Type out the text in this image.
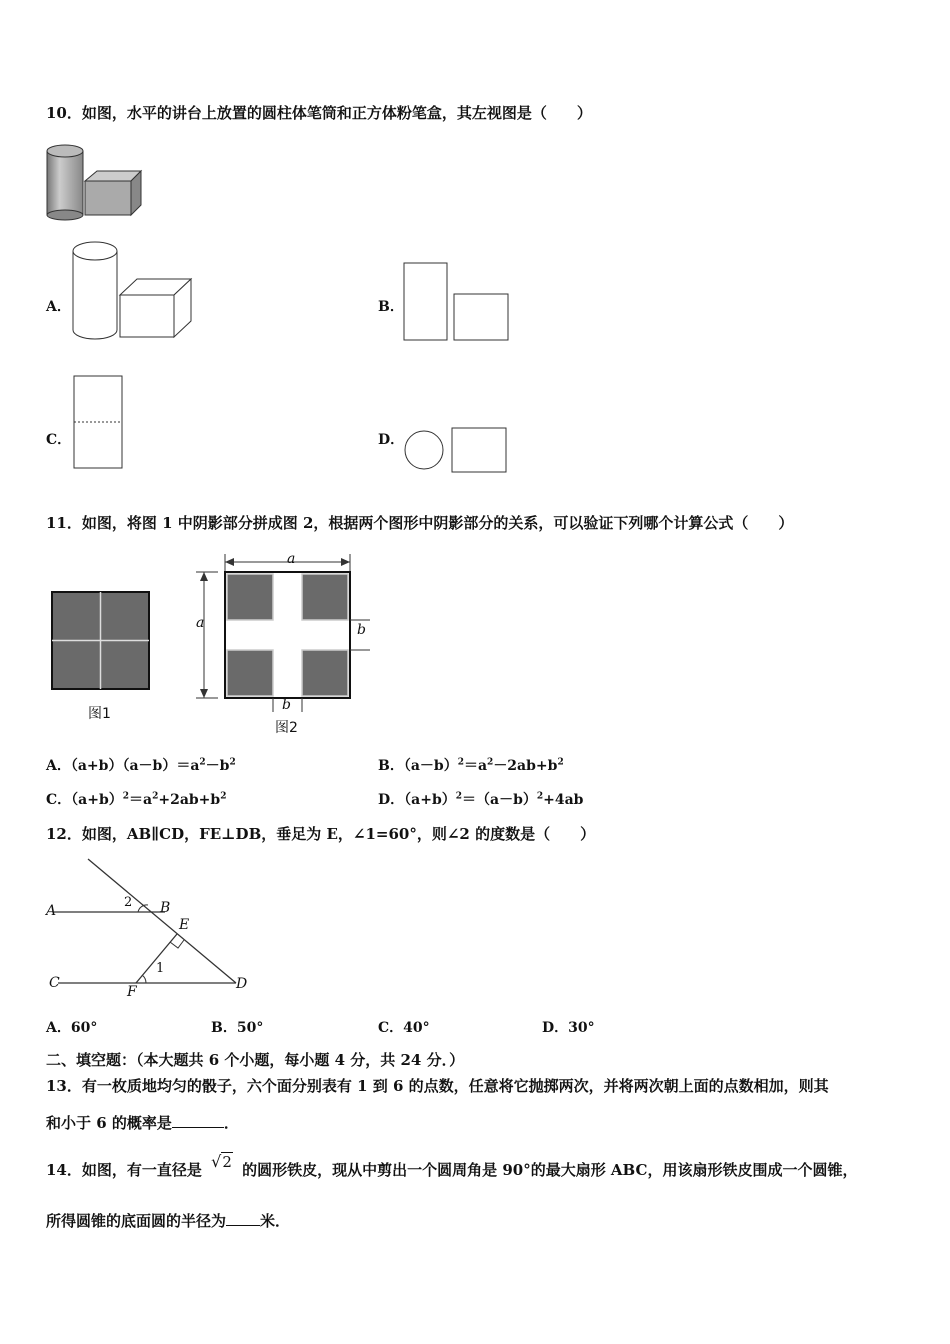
10．如图，水平的讲台上放置的圆柱体笔筒和正方体粉笔盒，其左视图是（　　）
A．	B．
C．	D．
11．如图，将图 1 中阴影部分拼成图 2，根据两个图形中阴影部分的关系，可以验证下列哪个计算公式（　　）
图1
a
a	b
b
图2
A．$(a+b)(a-b)=a^2-b^2$	B．$(a-b)^2=a^2-2ab+b^2$
C．$(a+b)^2=a^2+2ab+b^2$	D．$(a+b)^2=(a-b)^2+4ab$
12．如图，AB∥CD，FE⊥DB，垂足为 E，∠1=60°，则∠2 的度数是（　　）
A	B
E
C
F	D
1
2
A．60°	B．50°	C．40°	D．30°
二、填空题：（本大题共 6 个小题，每小题 4 分，共 24 分．）
13．有一枚质地均匀的骰子，六个面分别表有 1 到 6 的点数，任意将它抛掷两次，并将两次朝上面的点数相加，则其
和小于 6 的概率是	．
14．如图，有一直径是 √2 的圆形铁皮，现从中剪出一个圆周角是 90°的最大扇形 ABC，用该扇形铁皮围成一个圆锥，
所得圆锥的底面圆的半径为 米．
